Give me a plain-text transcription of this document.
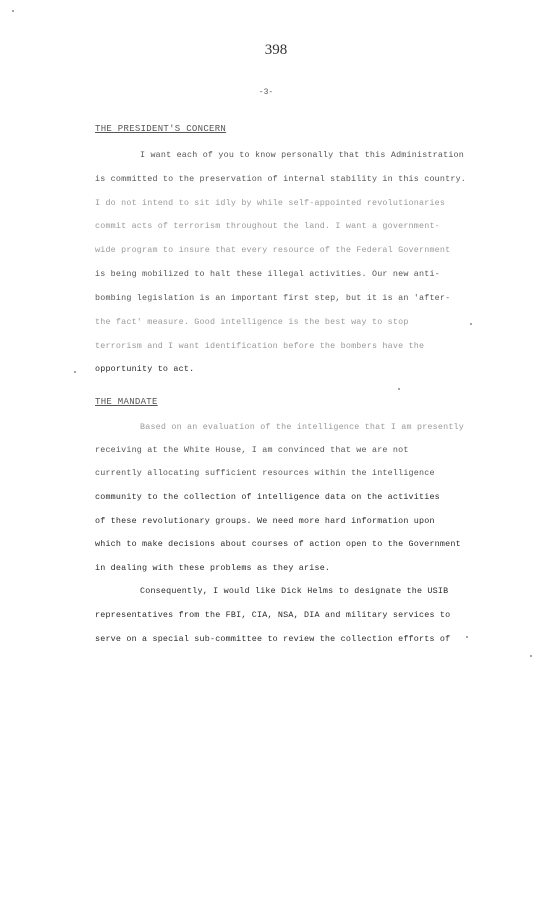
398
-3-
THE PRESIDENT'S CONCERN
I want each of you to know personally that this Administration
is committed to the preservation of internal stability in this country.
I do not intend to sit idly by while self-appointed revolutionaries
commit acts of terrorism throughout the land. I want a government-
wide program to insure that every resource of the Federal Government
is being mobilized to halt these illegal activities. Our new anti-
bombing legislation is an important first step, but it is an 'after-
the fact' measure. Good intelligence is the best way to stop
terrorism and I want identification before the bombers have the
opportunity to act.
THE MANDATE
Based on an evaluation of the intelligence that I am presently
receiving at the White House, I am convinced that we are not
currently allocating sufficient resources within the intelligence
community to the collection of intelligence data on the activities
of these revolutionary groups. We need more hard information upon
which to make decisions about courses of action open to the Government
in dealing with these problems as they arise.
Consequently, I would like Dick Helms to designate the USIB
representatives from the FBI, CIA, NSA, DIA and military services to
serve on a special sub-committee to review the collection efforts of
